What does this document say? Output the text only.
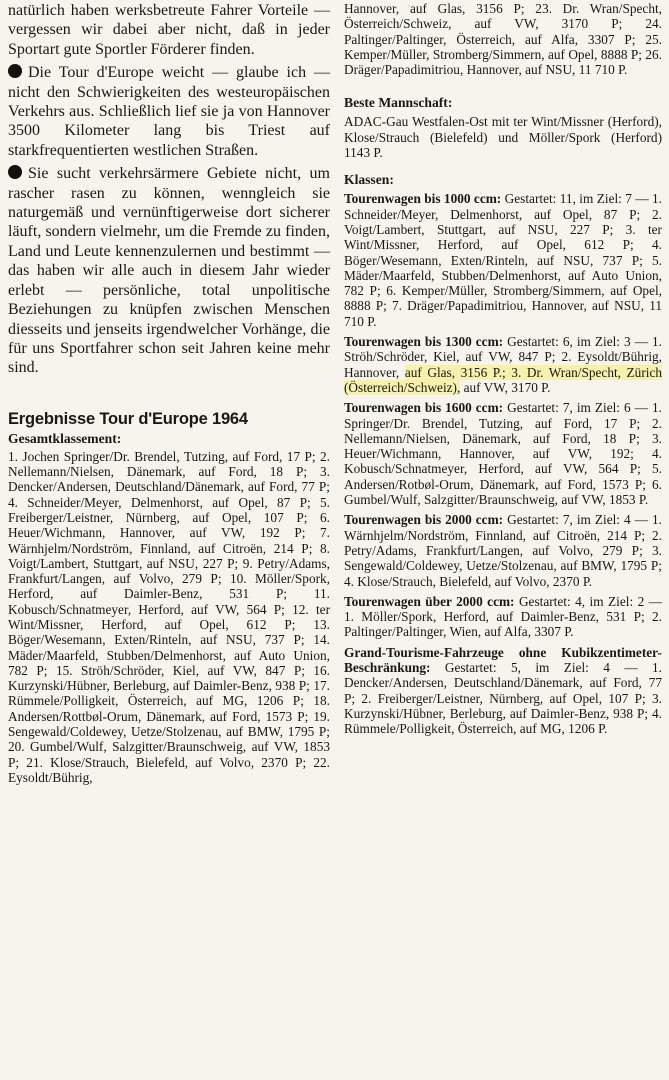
natürlich haben werksbetreute Fahrer Vorteile — vergessen wir dabei aber nicht, daß in jeder Sportart gute Sportler Förderer finden.

Die Tour d'Europe weicht — glaube ich — nicht den Schwierigkeiten des westeuropäischen Verkehrs aus. Schließlich lief sie ja von Hannover 3500 Kilometer lang bis Triest auf starkfrequentierten westlichen Straßen.

Sie sucht verkehrsärmere Gebiete nicht, um rascher rasen zu können, wenngleich sie naturgemäß und vernünftigerweise dort sicherer läuft, sondern vielmehr, um die Fremde zu finden, Land und Leute kennenzulernen und bestimmt — das haben wir alle auch in diesem Jahr wieder erlebt — persönliche, total unpolitische Beziehungen zu knüpfen zwischen Menschen diesseits und jenseits irgendwelcher Vorhänge, die für uns Sportfahrer schon seit Jahren keine mehr sind.

Ergebnisse Tour d'Europe 1964

Gesamtklassement:

1. Jochen Springer/Dr. Brendel, Tutzing, auf Ford, 17 P; 2. Nellemann/Nielsen, Dänemark, auf Ford, 18 P; 3. Dencker/Andersen, Deutschland/Dänemark, auf Ford, 77 P; 4. Schneider/Meyer, Delmenhorst, auf Opel, 87 P; 5. Freiberger/Leistner, Nürnberg, auf Opel, 107 P; 6. Heuer/Wichmann, Hannover, auf VW, 192 P; 7. Wärnhjelm/Nordström, Finnland, auf Citroën, 214 P; 8. Voigt/Lambert, Stuttgart, auf NSU, 227 P; 9. Petry/Adams, Frankfurt/Langen, auf Volvo, 279 P; 10. Möller/Spork, Herford, auf Daimler-Benz, 531 P; 11. Kobusch/Schnatmeyer, Herford, auf VW, 564 P; 12. ter Wint/Missner, Herford, auf Opel, 612 P; 13. Böger/Wesemann, Exten/Rinteln, auf NSU, 737 P; 14. Mäder/Maarfeld, Stubben/Delmenhorst, auf Auto Union, 782 P; 15. Ströh/Schröder, Kiel, auf VW, 847 P; 16. Kurzynski/Hübner, Berleburg, auf Daimler-Benz, 938 P; 17. Rümmele/Polligkeit, Österreich, auf MG, 1206 P; 18. Andersen/Rottbøl-Orum, Dänemark, auf Ford, 1573 P; 19. Sengewald/Coldewey, Uetze/Stolzenau, auf BMW, 1795 P; 20. Gumbel/Wulf, Salzgitter/Braunschweig, auf VW, 1853 P; 21. Klose/Strauch, Bielefeld, auf Volvo, 2370 P; 22. Eysoldt/Bührig,

Hannover, auf Glas, 3156 P; 23. Dr. Wran/Specht, Österreich/Schweiz, auf VW, 3170 P; 24. Paltinger/Paltinger, Österreich, auf Alfa, 3307 P; 25. Kemper/Müller, Stromberg/Simmern, auf Opel, 8888 P; 26. Dräger/Papadimitriou, Hannover, auf NSU, 11 710 P.

Beste Mannschaft:

ADAC-Gau Westfalen-Ost mit ter Wint/Missner (Herford), Klose/Strauch (Bielefeld) und Möller/Spork (Herford) 1143 P.

Klassen:

Tourenwagen bis 1000 ccm: Gestartet: 11, im Ziel: 7 — 1. Schneider/Meyer, Delmenhorst, auf Opel, 87 P; 2. Voigt/Lambert, Stuttgart, auf NSU, 227 P; 3. ter Wint/Missner, Herford, auf Opel, 612 P; 4. Böger/Wesemann, Exten/Rinteln, auf NSU, 737 P; 5. Mäder/Maarfeld, Stubben/Delmenhorst, auf Auto Union, 782 P; 6. Kemper/Müller, Stromberg/Simmern, auf Opel, 8888 P; 7. Dräger/Papadimitriou, Hannover, auf NSU, 11 710 P.

Tourenwagen bis 1300 ccm: Gestartet: 6, im Ziel: 3 — 1. Ströh/Schröder, Kiel, auf VW, 847 P; 2. Eysoldt/Bührig, Hannover, auf Glas, 3156 P.; 3. Dr. Wran/Specht, Zürich (Österreich/Schweiz), auf VW, 3170 P.

Tourenwagen bis 1600 ccm: Gestartet: 7, im Ziel: 6 — 1. Springer/Dr. Brendel, Tutzing, auf Ford, 17 P; 2. Nellemann/Nielsen, Dänemark, auf Ford, 18 P; 3. Heuer/Wichmann, Hannover, auf VW, 192; 4. Kobusch/Schnatmeyer, Herford, auf VW, 564 P; 5. Andersen/Rotbøl-Orum, Dänemark, auf Ford, 1573 P; 6. Gumbel/Wulf, Salzgitter/Braunschweig, auf VW, 1853 P.

Tourenwagen bis 2000 ccm: Gestartet: 7, im Ziel: 4 — 1. Wärnhjelm/Nordström, Finnland, auf Citroën, 214 P; 2. Petry/Adams, Frankfurt/Langen, auf Volvo, 279 P; 3. Sengewald/Coldewey, Uetze/Stolzenau, auf BMW, 1795 P; 4. Klose/Strauch, Bielefeld, auf Volvo, 2370 P.

Tourenwagen über 2000 ccm: Gestartet: 4, im Ziel: 2 — 1. Möller/Spork, Herford, auf Daimler-Benz, 531 P; 2. Paltinger/Paltinger, Wien, auf Alfa, 3307 P.

Grand-Tourisme-Fahrzeuge ohne Kubikzentimeter-Beschränkung: Gestartet: 5, im Ziel: 4 — 1. Dencker/Andersen, Deutschland/Dänemark, auf Ford, 77 P; 2. Freiberger/Leistner, Nürnberg, auf Opel, 107 P; 3. Kurzynski/Hübner, Berleburg, auf Daimler-Benz, 938 P; 4. Rümmele/Polligkeit, Österreich, auf MG, 1206 P.
